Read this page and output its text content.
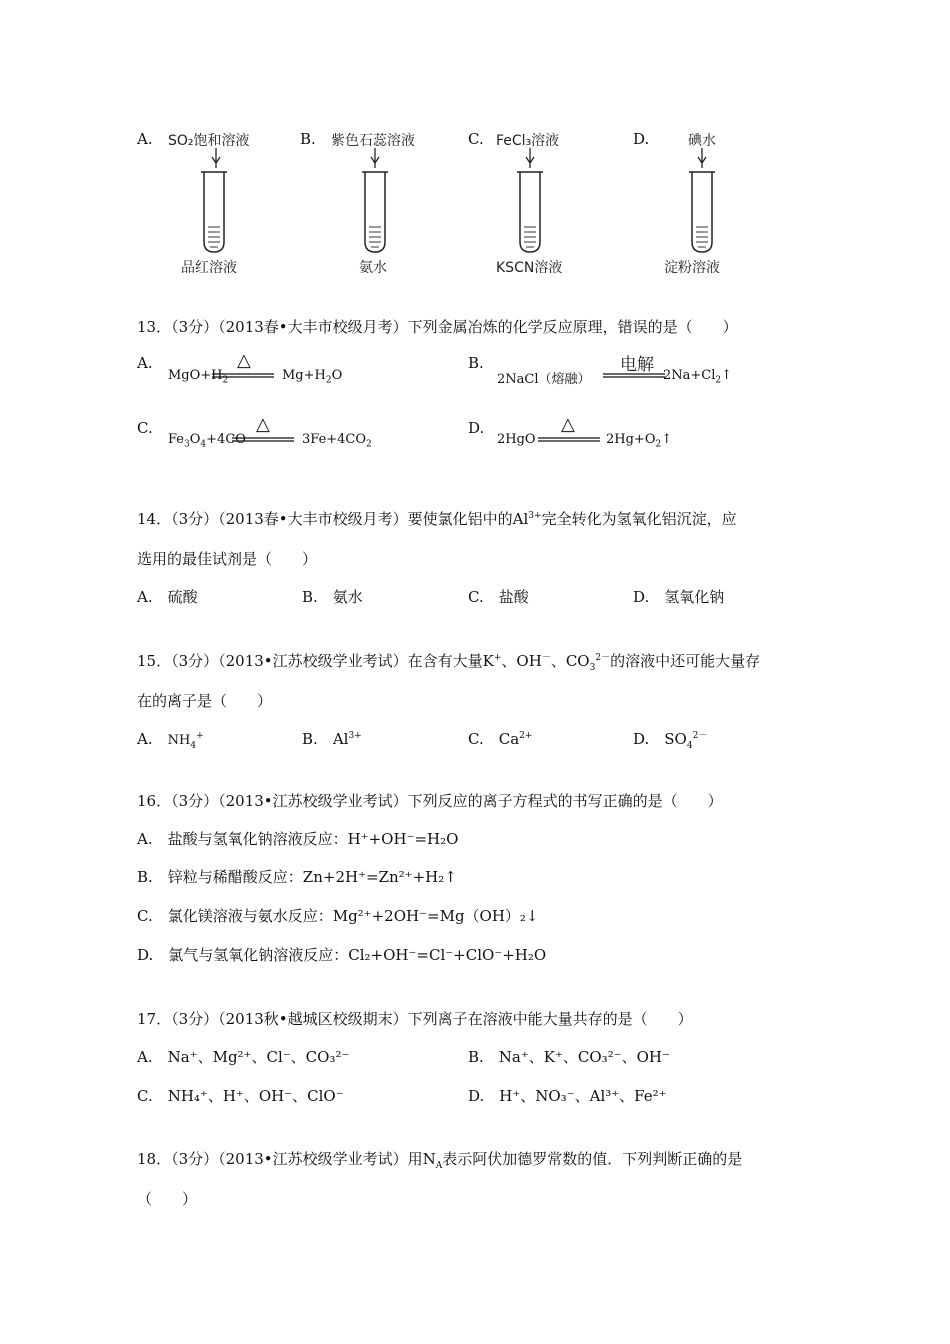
A. SO₂饱和溶液	B. 紫色石蕊溶液	C. FeCl₃溶液	D.	碘水
品红溶液	氨水	KSCN溶液	淀粉溶液
13．（3分）（2013春•大丰市校级月考）下列金属冶炼的化学反应原理，错误的是（　　）
A.
$MgO+H_2$
△
$Mg+H_2O$
B.
2NaCl（熔融）
电解
$2Na+Cl_2↑$
C.
$Fe_3O_4+4CO$
△
$3Fe+4CO_2$
D.
2HgO
△
$2Hg+O_2↑$
14．（3分）（2013春•大丰市校级月考）要使氯化铝中的$Al^{3+}$完全转化为氢氧化铝沉淀，应
选用的最佳试剂是（　　）
A.　硫酸	B.　氨水	C.　盐酸	D.　氢氧化钠
15．（3分）（2013•江苏校级学业考试）在含有大量K+、OH－、$CO_3^{2-}$的溶液中还可能大量存
在的离子是（　　）
A.　 $NH_4^+$	B.　 $Al^{3+}$	C.　 $Ca^{2+}$	D.　 $SO_4^{2-}$
16．（3分）（2013•江苏校级学业考试）下列反应的离子方程式的书写正确的是（　　）
A.　盐酸与氢氧化钠溶液反应：H⁺+OH⁻=H₂O
B.　锌粒与稀醋酸反应：Zn+2H⁺=Zn²⁺+H₂↑
C.　氯化镁溶液与氨水反应：Mg²⁺+2OH⁻=Mg（OH）₂↓
D.　氯气与氢氧化钠溶液反应：Cl₂+OH⁻=Cl⁻+ClO⁻+H₂O
17．（3分）（2013秋•越城区校级期末）下列离子在溶液中能大量共存的是（　　）
A.　Na⁺、Mg²⁺、Cl⁻、CO₃²⁻	B.　Na⁺、K⁺、CO₃²⁻、OH⁻
C.　NH₄⁺、H⁺、OH⁻、ClO⁻	D.　H⁺、NO₃⁻、Al³⁺、Fe²⁺
18．（3分）（2013•江苏校级学业考试）用$N_A$表示阿伏加德罗常数的值．下列判断正确的是
（　　）
